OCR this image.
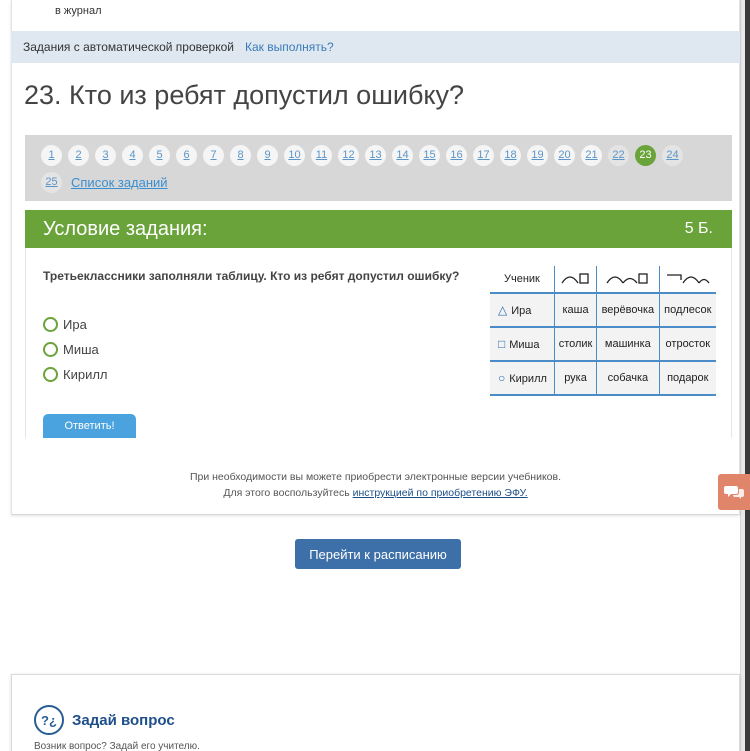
в журнал
Задания с автоматической проверкой Как выполнять?
23. Кто из ребят допустил ошибку?
1	2	3	4	5	6	7	8	9	10	11	12	13	14	15	16	17	18	19	20	21	22	23	24
25	Список заданий
Условие задания:	5 Б.
Третьеклассники заполняли таблицу. Кто из ребят допустил ошибку?
Ира
Миша
Кирилл
Ученик			
△ Ира	каша	верёвочка	подлесок
□ Миша	столик	машинка	отросток
○ Кирилл	рука	собачка	подарок
Ответить!
При необходимости вы можете приобрести электронные версии учебников.
Для этого воспользуйтесь инструкцией по приобретению ЭФУ.
Перейти к расписанию
?¿	Задай вопрос
Возник вопрос? Задай его учителю.
